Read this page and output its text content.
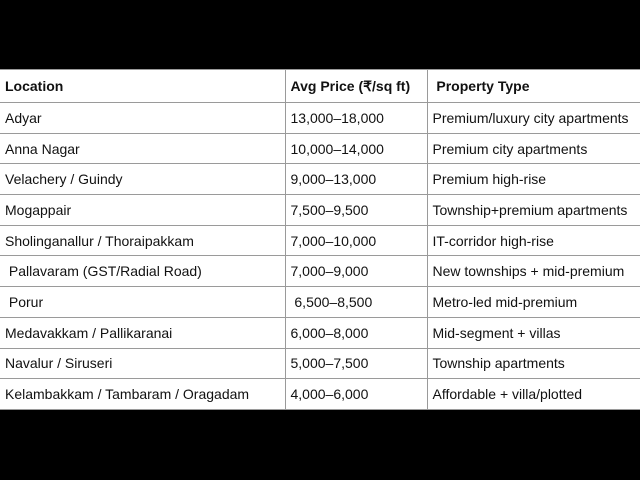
Location	Avg Price (₹/sq ft)	Property Type
Adyar	13,000–18,000	Premium/luxury city apartments
Anna Nagar	10,000–14,000	Premium city apartments
Velachery / Guindy	9,000–13,000	Premium high-rise
Mogappair	7,500–9,500	Township+premium apartments
Sholinganallur / Thoraipakkam	7,000–10,000	IT-corridor high-rise
Pallavaram (GST/Radial Road)	7,000–9,000	New townships + mid-premium
Porur	6,500–8,500	Metro-led mid-premium
Medavakkam / Pallikaranai	6,000–8,000	Mid-segment + villas
Navalur / Siruseri	5,000–7,500	Township apartments
Kelambakkam / Tambaram / Oragadam	4,000–6,000	Affordable + villa/plotted
